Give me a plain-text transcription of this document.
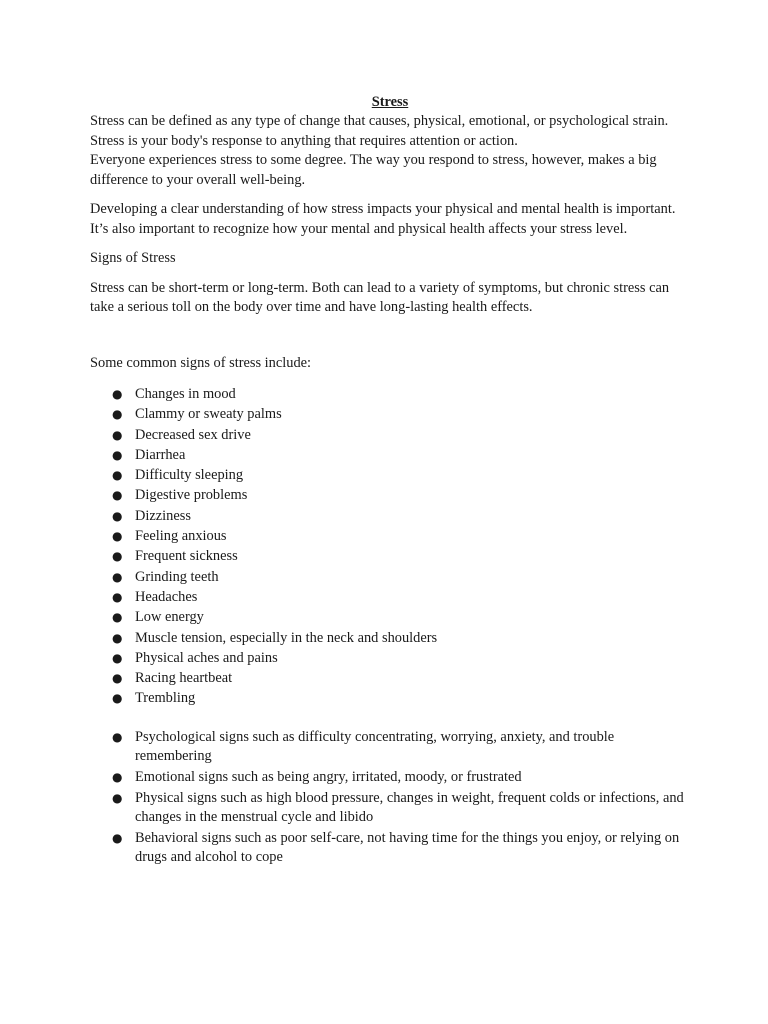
Stress

Stress can be defined as any type of change that causes, physical, emotional, or psychological strain. Stress is your body's response to anything that requires attention or action.

Everyone experiences stress to some degree. The way you respond to stress, however, makes a big difference to your overall well-being.

Developing a clear understanding of how stress impacts your physical and mental health is important. It’s also important to recognize how your mental and physical health affects your stress level.

Signs of Stress

Stress can be short-term or long-term. Both can lead to a variety of symptoms, but chronic stress can take a serious toll on the body over time and have long-lasting health effects.

Some common signs of stress include:

● Changes in mood
● Clammy or sweaty palms
● Decreased sex drive
● Diarrhea
● Difficulty sleeping
● Digestive problems
● Dizziness
● Feeling anxious
● Frequent sickness
● Grinding teeth
● Headaches
● Low energy
● Muscle tension, especially in the neck and shoulders
● Physical aches and pains
● Racing heartbeat
● Trembling
● Psychological signs such as difficulty concentrating, worrying, anxiety, and trouble remembering
● Emotional signs such as being angry, irritated, moody, or frustrated
● Physical signs such as high blood pressure, changes in weight, frequent colds or infections, and changes in the menstrual cycle and libido
● Behavioral signs such as poor self-care, not having time for the things you enjoy, or relying on drugs and alcohol to cope
